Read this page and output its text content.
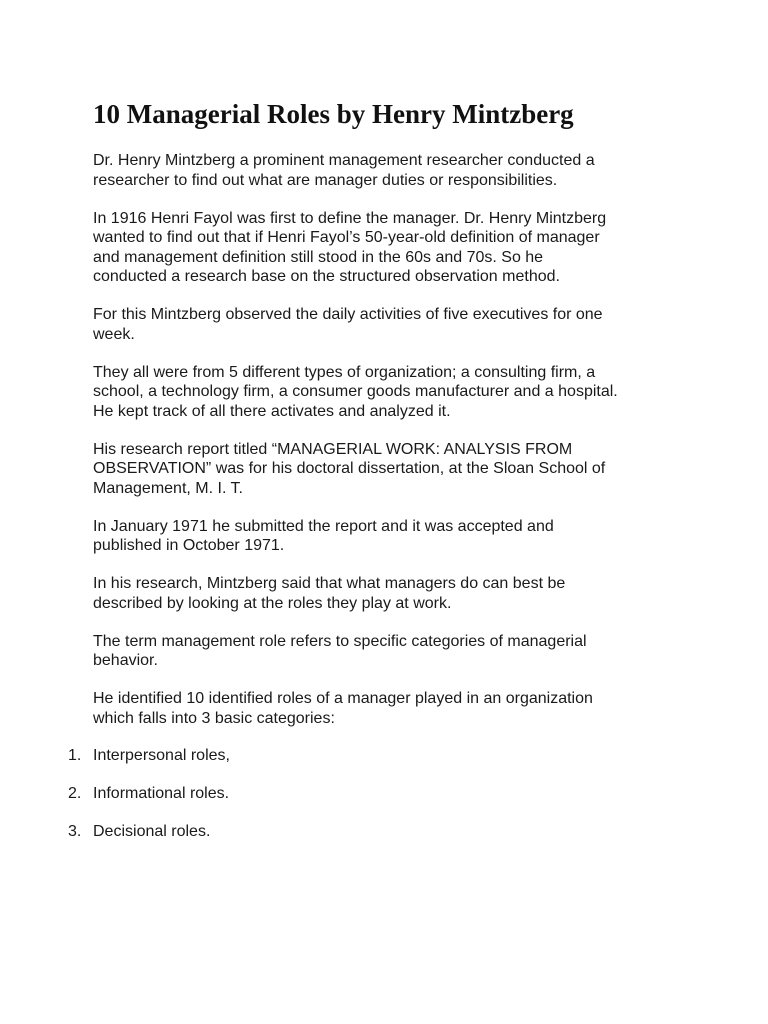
10 Managerial Roles by Henry Mintzberg

Dr. Henry Mintzberg a prominent management researcher conducted a
researcher to find out what are manager duties or responsibilities.

In 1916 Henri Fayol was first to define the manager. Dr. Henry Mintzberg
wanted to find out that if Henri Fayol’s 50-year-old definition of manager
and management definition still stood in the 60s and 70s. So he
conducted a research base on the structured observation method.

For this Mintzberg observed the daily activities of five executives for one
week.

They all were from 5 different types of organization; a consulting firm, a
school, a technology firm, a consumer goods manufacturer and a hospital.
He kept track of all there activates and analyzed it.

His research report titled “MANAGERIAL WORK: ANALYSIS FROM
OBSERVATION” was for his doctoral dissertation, at the Sloan School of
Management, M. I. T.

In January 1971 he submitted the report and it was accepted and
published in October 1971.

In his research, Mintzberg said that what managers do can best be
described by looking at the roles they play at work.

The term management role refers to specific categories of managerial
behavior.

He identified 10 identified roles of a manager played in an organization
which falls into 3 basic categories:

1. Interpersonal roles,
2. Informational roles.
3. Decisional roles.
